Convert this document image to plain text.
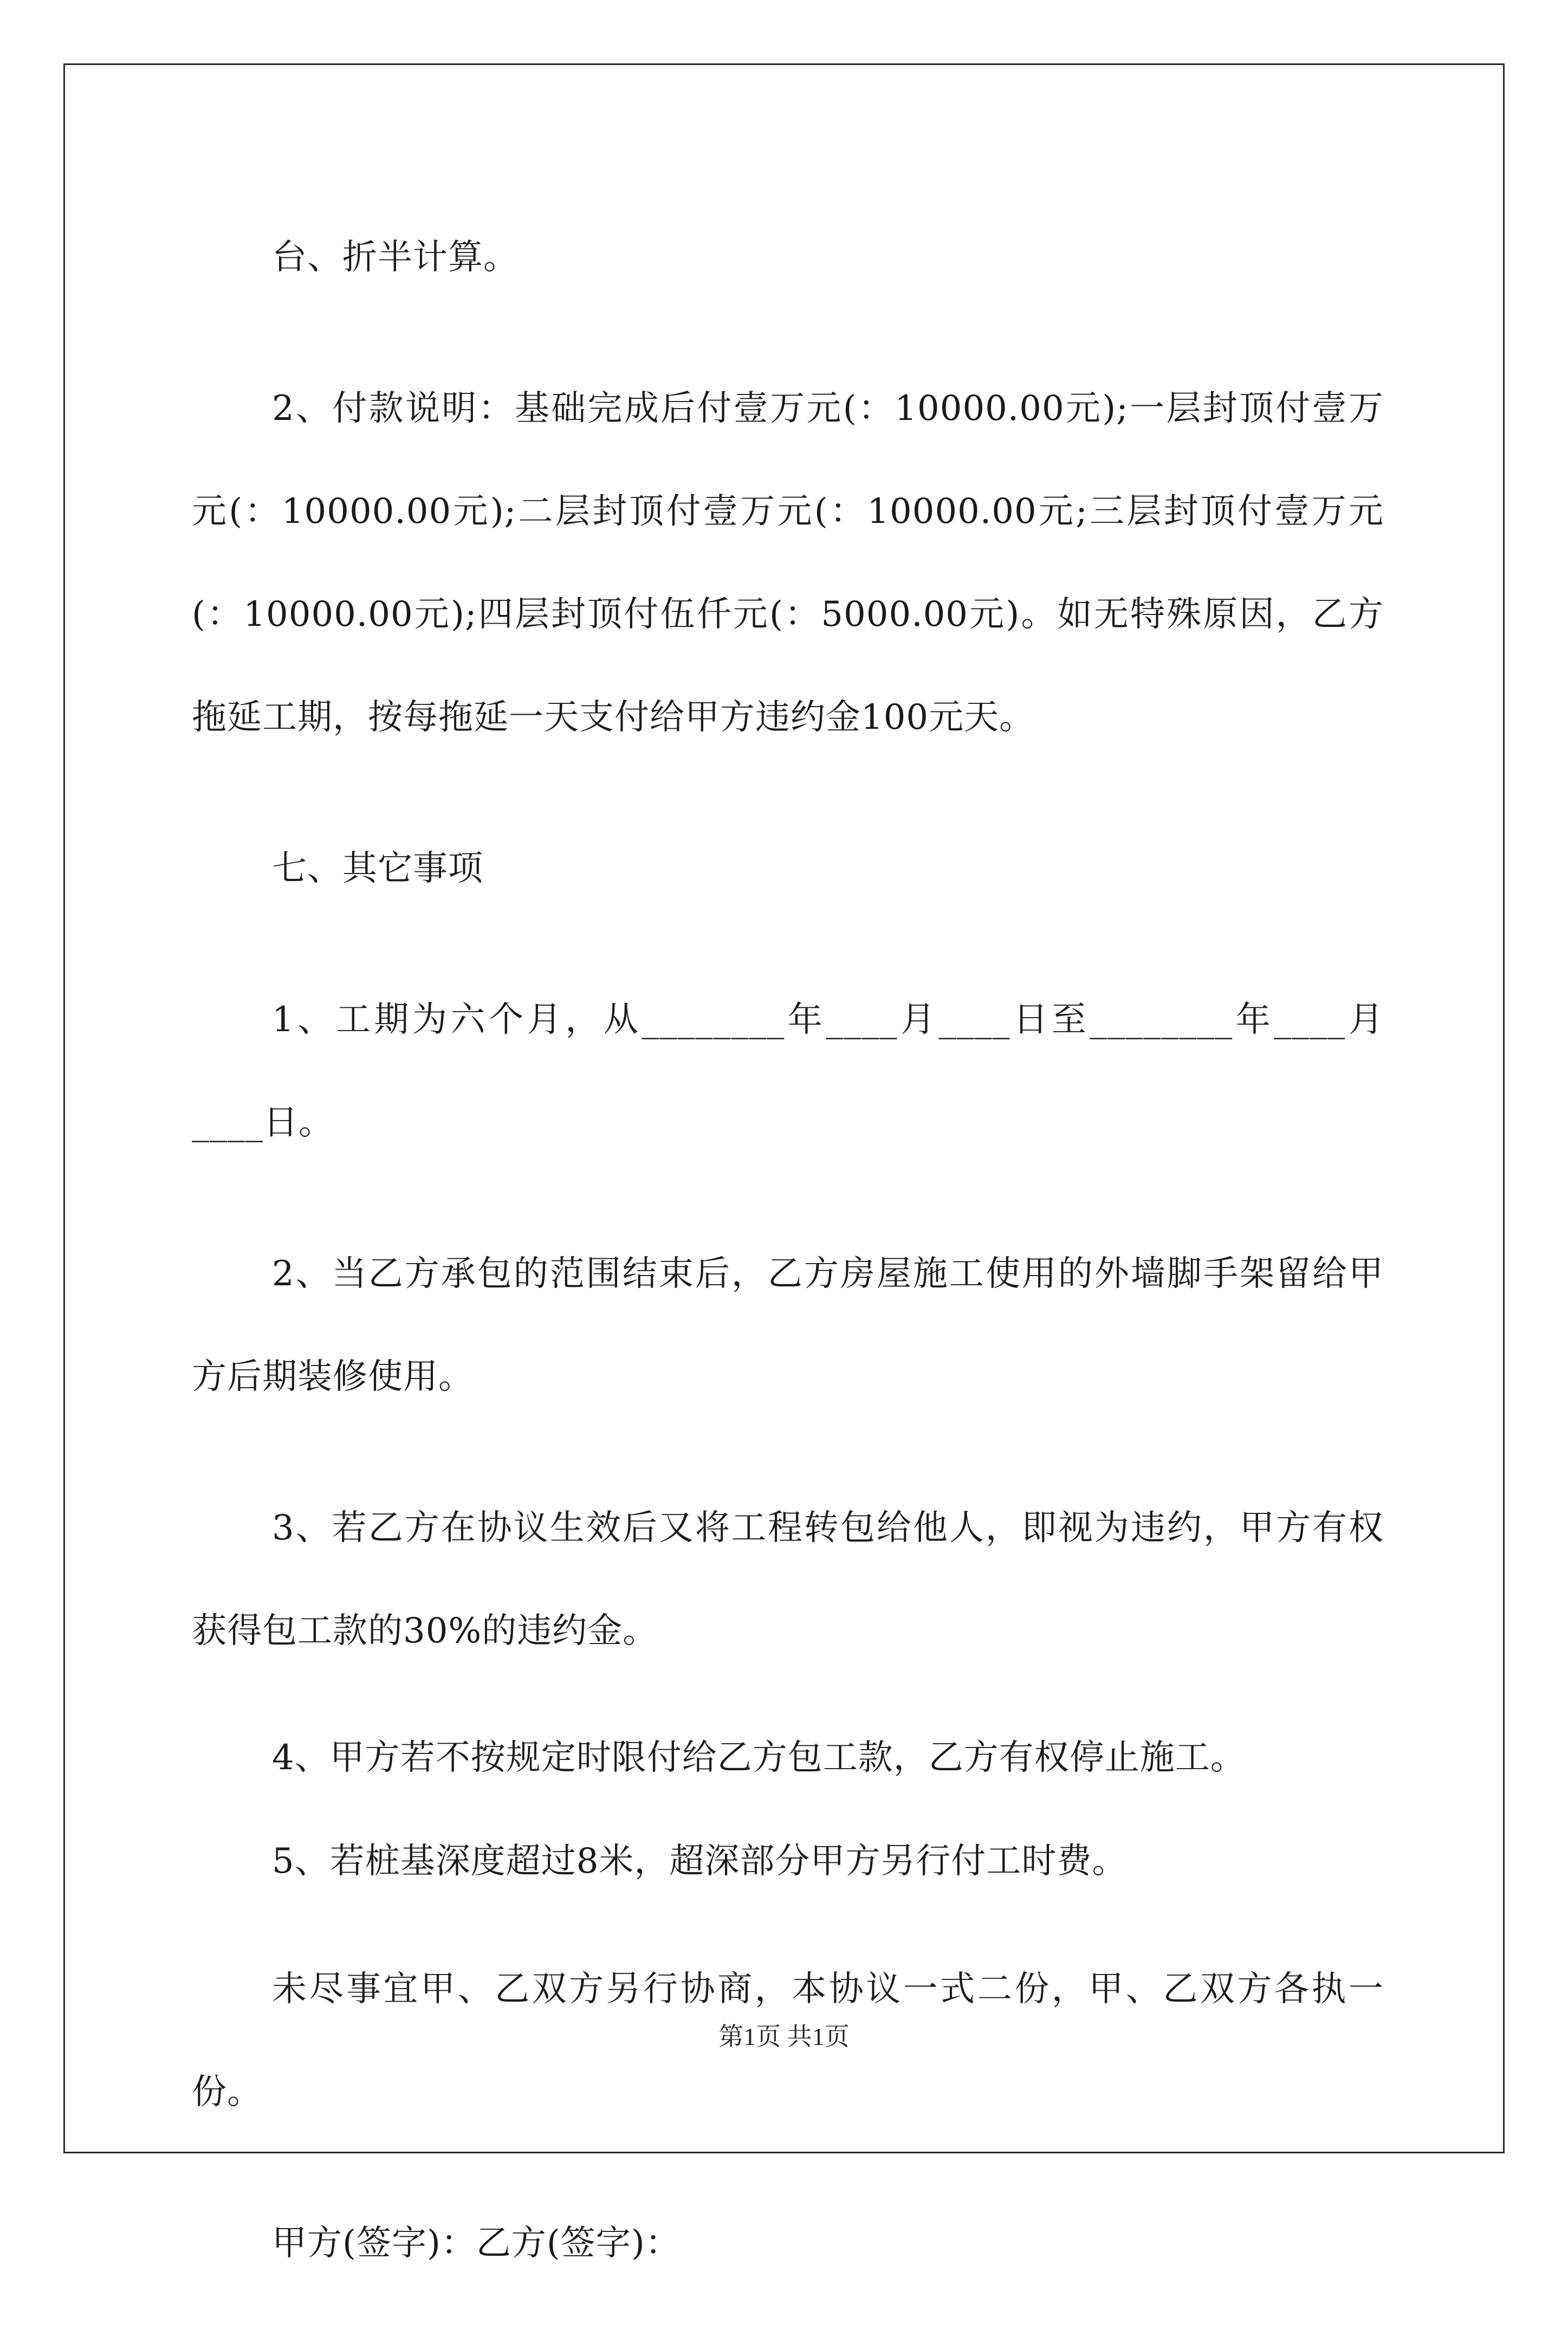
台、折半计算。

2、付款说明：基础完成后付壹万元(：10000.00元);一层封顶付壹万元(：10000.00元);二层封顶付壹万元(：10000.00元;三层封顶付壹万元(：10000.00元);四层封顶付伍仟元(：5000.00元)。如无特殊原因，乙方拖延工期，按每拖延一天支付给甲方违约金100元天。

七、其它事项

1、工期为六个月，从________年____月____日至________年____月____日。

2、当乙方承包的范围结束后，乙方房屋施工使用的外墙脚手架留给甲方后期装修使用。

3、若乙方在协议生效后又将工程转包给他人，即视为违约，甲方有权获得包工款的30%的违约金。

4、甲方若不按规定时限付给乙方包工款，乙方有权停止施工。

5、若桩基深度超过8米，超深部分甲方另行付工时费。

未尽事宜甲、乙双方另行协商，本协议一式二份，甲、乙双方各执一份。

甲方(签字)：乙方(签字)：

第1页 共1页
